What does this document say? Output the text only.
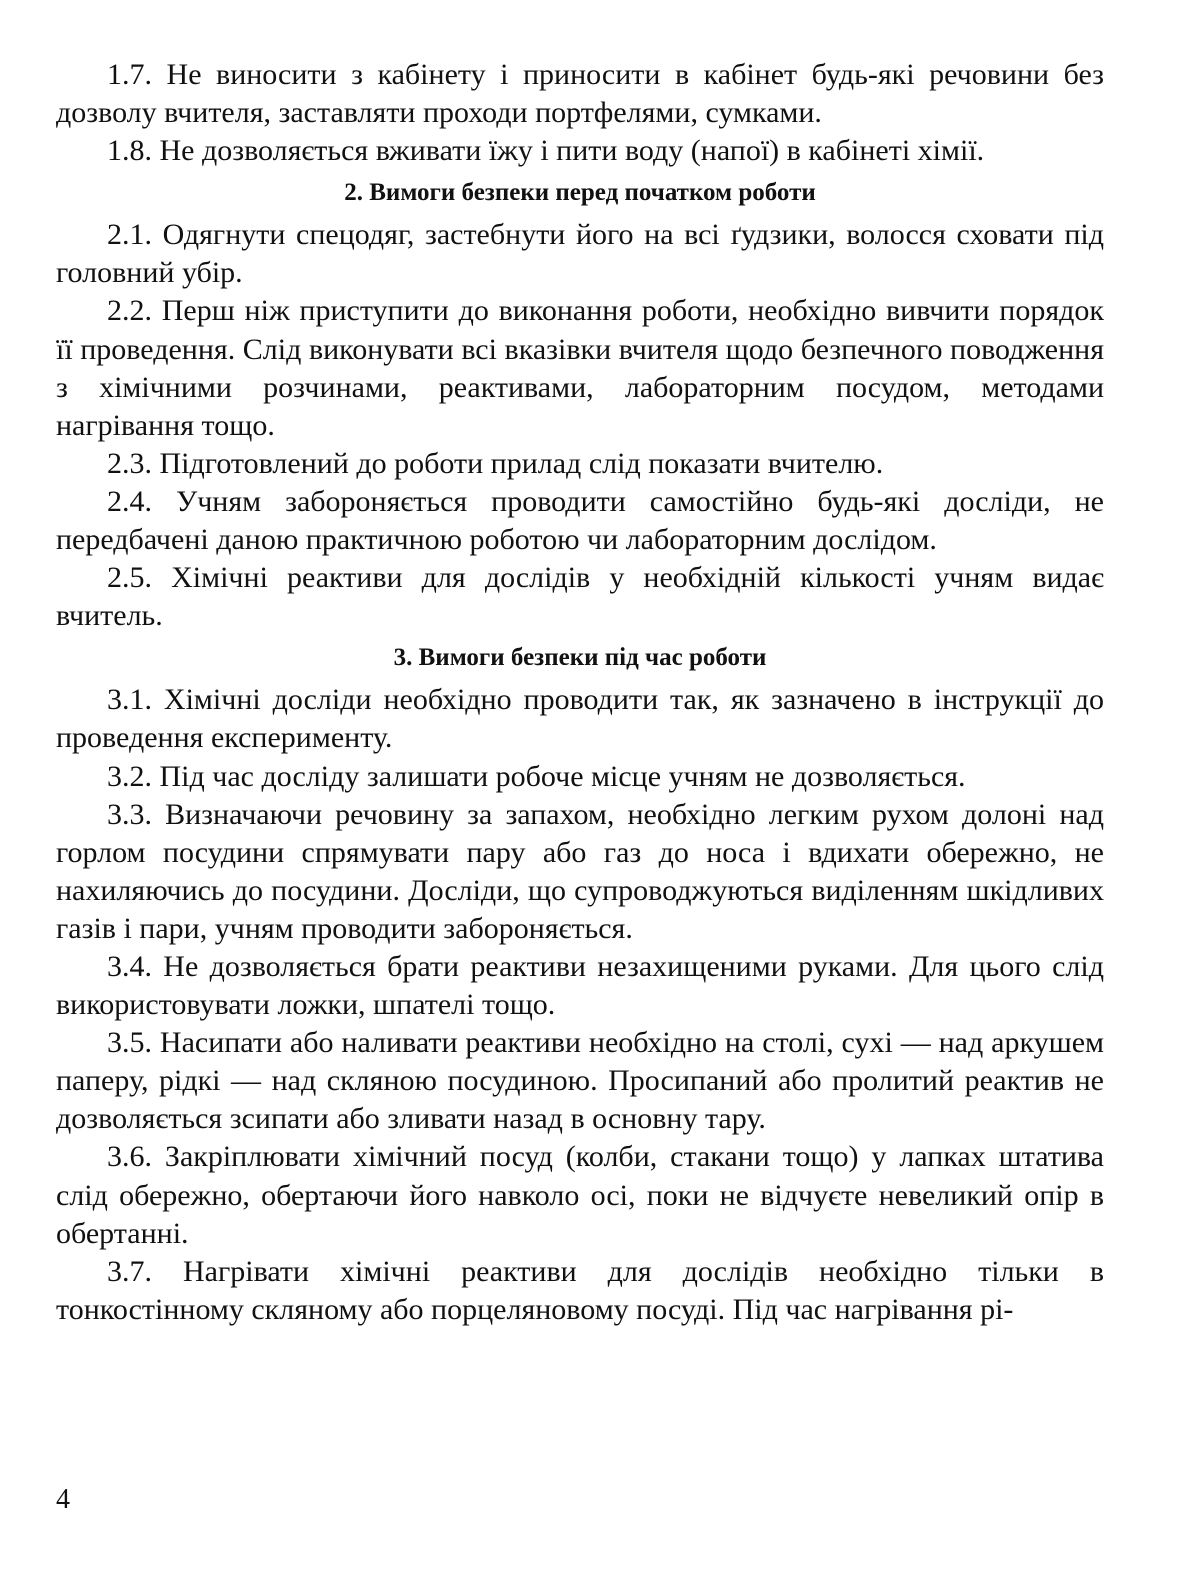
1.7. Не виносити з кабінету і приносити в кабінет будь-які речовини без дозволу вчителя, заставляти проходи портфелями, сумками.

1.8. Не дозволяється вживати їжу і пити воду (напої) в кабінеті хімії.

2. Вимоги безпеки перед початком роботи

2.1. Одягнути спецодяг, застебнути його на всі ґудзики, волосся сховати під головний убір.

2.2. Перш ніж приступити до виконання роботи, необхідно вивчити порядок її проведення. Слід виконувати всі вказівки вчителя щодо безпечного поводження з хімічними розчинами, реактивами, лабораторним посудом, методами нагрівання тощо.

2.3. Підготовлений до роботи прилад слід показати вчителю.

2.4. Учням забороняється проводити самостійно будь-які досліди, не передбачені даною практичною роботою чи лабораторним дослідом.

2.5. Хімічні реактиви для дослідів у необхідній кількості учням видає вчитель.

3. Вимоги безпеки під час роботи

3.1. Хімічні досліди необхідно проводити так, як зазначено в інструкції до проведення експерименту.

3.2. Під час досліду залишати робоче місце учням не дозволяється.

3.3. Визначаючи речовину за запахом, необхідно легким рухом долоні над горлом посудини спрямувати пару або газ до носа і вдихати обережно, не нахиляючись до посудини. Досліди, що супроводжуються виділенням шкідливих газів і пари, учням проводити забороняється.

3.4. Не дозволяється брати реактиви незахищеними руками. Для цього слід використовувати ложки, шпателі тощо.

3.5. Насипати або наливати реактиви необхідно на столі, сухі — над аркушем паперу, рідкі — над скляною посудиною. Просипаний або пролитий реактив не дозволяється зсипати або зливати назад в основну тару.

3.6. Закріплювати хімічний посуд (колби, стакани тощо) у лапках штатива слід обережно, обертаючи його навколо осі, поки не відчуєте невеликий опір в обертанні.

3.7. Нагрівати хімічні реактиви для дослідів необхідно тільки в тонкостінному скляному або порцеляновому посуді. Під час нагрівання рі-

4
